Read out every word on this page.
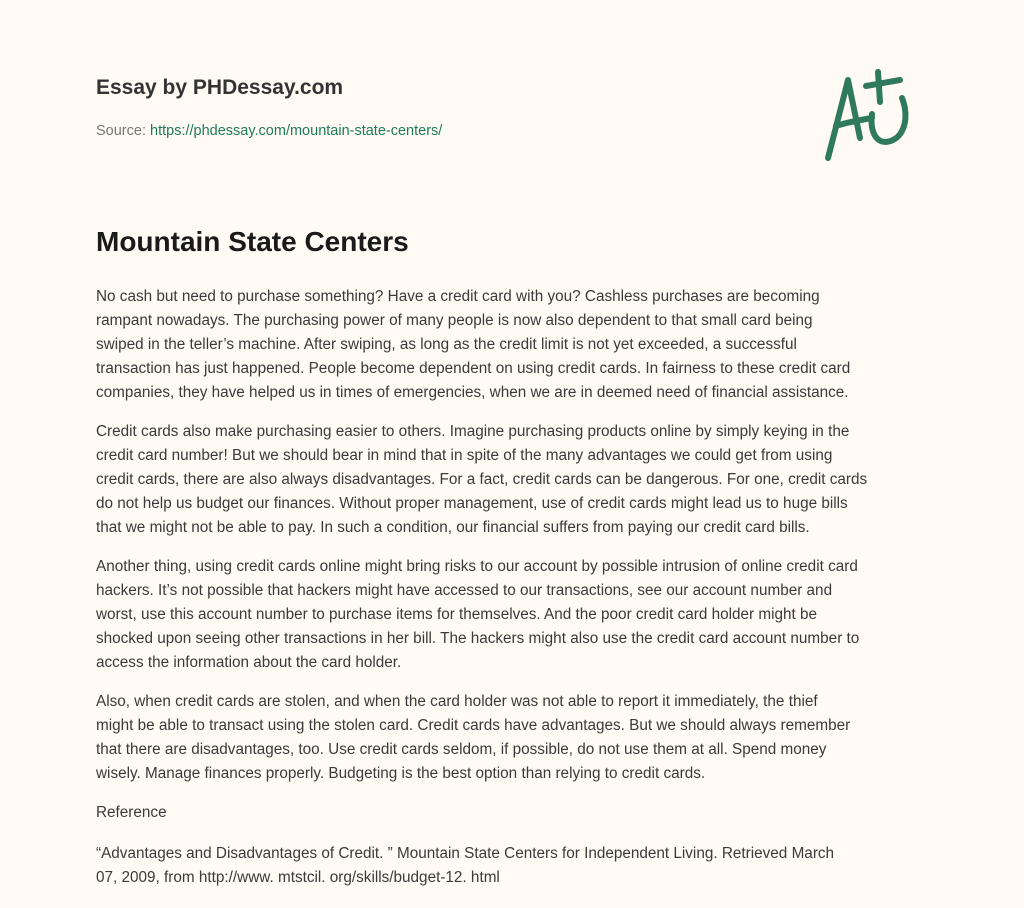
Essay by PHDessay.com
Source: https://phdessay.com/mountain-state-centers/
Mountain State Centers

No cash but need to purchase something? Have a credit card with you? Cashless purchases are becoming
rampant nowadays. The purchasing power of many people is now also dependent to that small card being
swiped in the teller’s machine. After swiping, as long as the credit limit is not yet exceeded, a successful
transaction has just happened. People become dependent on using credit cards. In fairness to these credit card
companies, they have helped us in times of emergencies, when we are in deemed need of financial assistance.

Credit cards also make purchasing easier to others. Imagine purchasing products online by simply keying in the
credit card number! But we should bear in mind that in spite of the many advantages we could get from using
credit cards, there are also always disadvantages. For a fact, credit cards can be dangerous. For one, credit cards
do not help us budget our finances. Without proper management, use of credit cards might lead us to huge bills
that we might not be able to pay. In such a condition, our financial suffers from paying our credit card bills.

Another thing, using credit cards online might bring risks to our account by possible intrusion of online credit card
hackers. It’s not possible that hackers might have accessed to our transactions, see our account number and
worst, use this account number to purchase items for themselves. And the poor credit card holder might be
shocked upon seeing other transactions in her bill. The hackers might also use the credit card account number to
access the information about the card holder.

Also, when credit cards are stolen, and when the card holder was not able to report it immediately, the thief
might be able to transact using the stolen card. Credit cards have advantages. But we should always remember
that there are disadvantages, too. Use credit cards seldom, if possible, do not use them at all. Spend money
wisely. Manage finances properly. Budgeting is the best option than relying to credit cards.

Reference

“Advantages and Disadvantages of Credit. ” Mountain State Centers for Independent Living. Retrieved March
07, 2009, from http://www. mtstcil. org/skills/budget-12. html
